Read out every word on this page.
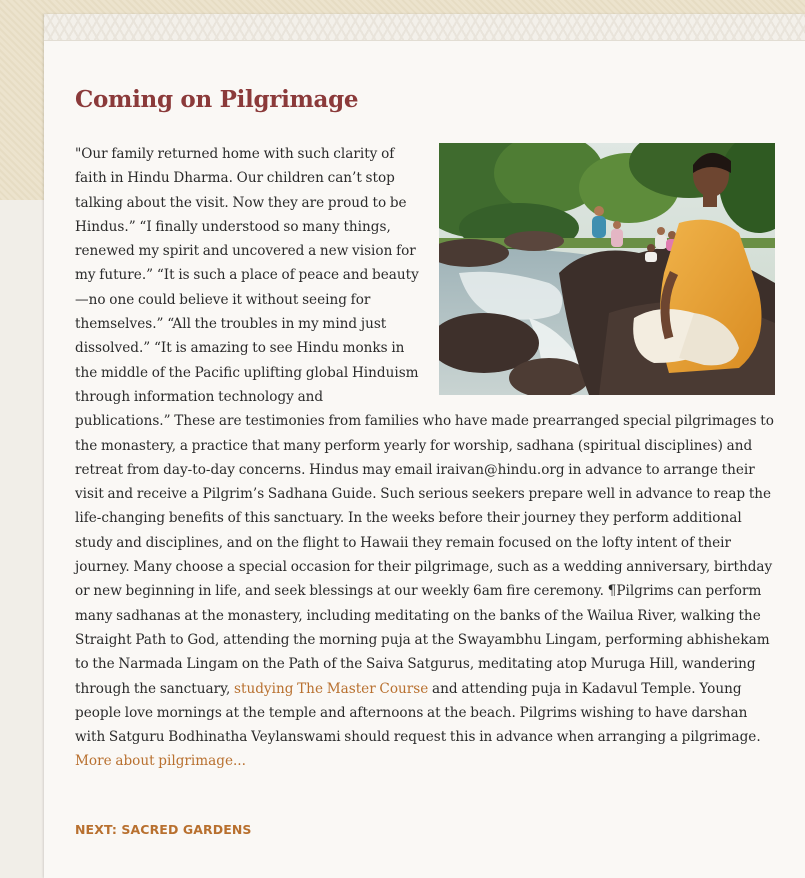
Coming on Pilgrimage

"Our family returned home with such clarity of faith in Hindu Dharma. Our children can’t stop talking about the visit. Now they are proud to be Hindus.” “I finally understood so many things, renewed my spirit and uncovered a new vision for my future.” “It is such a place of peace and beauty—no one could believe it without seeing for themselves.” “All the troubles in my mind just dissolved.” “It is amazing to see Hindu monks in the middle of the Pacific uplifting global Hinduism through information technology and publications.” These are testimonies from families who have made prearranged special pilgrimages to the monastery, a practice that many perform yearly for worship, sadhana (spiritual disciplines) and retreat from day-to-day concerns. Hindus may email iraivan@hindu.org in advance to arrange their visit and receive a Pilgrim’s Sadhana Guide. Such serious seekers prepare well in advance to reap the life-changing benefits of this sanctuary. In the weeks before their journey they perform additional study and disciplines, and on the flight to Hawaii they remain focused on the lofty intent of their journey. Many choose a special occasion for their pilgrimage, such as a wedding anniversary, birthday or new beginning in life, and seek blessings at our weekly 6am fire ceremony. ¶Pilgrims can perform many sadhanas at the monastery, including meditating on the banks of the Wailua River, walking the Straight Path to God, attending the morning puja at the Swayambhu Lingam, performing abhishekam to the Narmada Lingam on the Path of the Saiva Satgurus, meditating atop Muruga Hill, wandering through the sanctuary, studying The Master Course and attending puja in Kadavul Temple. Young people love mornings at the temple and afternoons at the beach. Pilgrims wishing to have darshan with Satguru Bodhinatha Veylanswami should request this in advance when arranging a pilgrimage. More about pilgrimage...

NEXT: SACRED GARDENS
